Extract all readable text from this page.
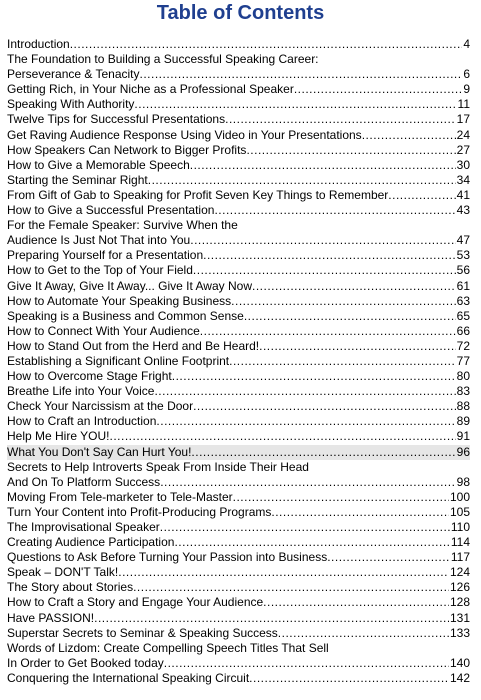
Table of Contents
Introduction .....	4
The Foundation to Building a Successful Speaking Career:
Perseverance & Tenacity .....	6
Getting Rich, in Your Niche as a Professional Speaker .....	9
Speaking With Authority .....	11
Twelve Tips for Successful Presentations .....	17
Get Raving Audience Response Using Video in Your Presentations .....	24
How Speakers Can Network to Bigger Profits .....	27
How to Give a Memorable Speech .....	30
Starting the Seminar Right .....	34
From Gift of Gab to Speaking for Profit Seven Key Things to Remember .....	41
How to Give a Successful Presentation .....	43
For the Female Speaker: Survive When the
Audience Is Just Not That into You .....	47
Preparing Yourself for a Presentation .....	53
How to Get to the Top of Your Field .....	56
Give It Away, Give It Away... Give It Away Now .....	61
How to Automate Your Speaking Business .....	63
Speaking is a Business and Common Sense .....	65
How to Connect With Your Audience .....	66
How to Stand Out from the Herd and Be Heard! .....	72
Establishing a Significant Online Footprint .....	77
How to Overcome Stage Fright .....	80
Breathe Life into Your Voice .....	83
Check Your Narcissism at the Door .....	88
How to Craft an Introduction .....	89
Help Me Hire YOU! .....	91
What You Don't Say Can Hurt You! .....	96
Secrets to Help Introverts Speak From Inside Their Head
And On To Platform Success .....	98
Moving From Tele-marketer to Tele-Master .....	100
Turn Your Content into Profit-Producing Programs .....	105
The Improvisational Speaker .....	110
Creating Audience Participation .....	114
Questions to Ask Before Turning Your Passion into Business .....	117
Speak – DON'T Talk! .....	124
The Story about Stories .....	126
How to Craft a Story and Engage Your Audience .....	128
Have PASSION! .....	131
Superstar Secrets to Seminar & Speaking Success .....	133
Words of Lizdom: Create Compelling Speech Titles That Sell
In Order to Get Booked today .....	140
Conquering the International Speaking Circuit .....	142
